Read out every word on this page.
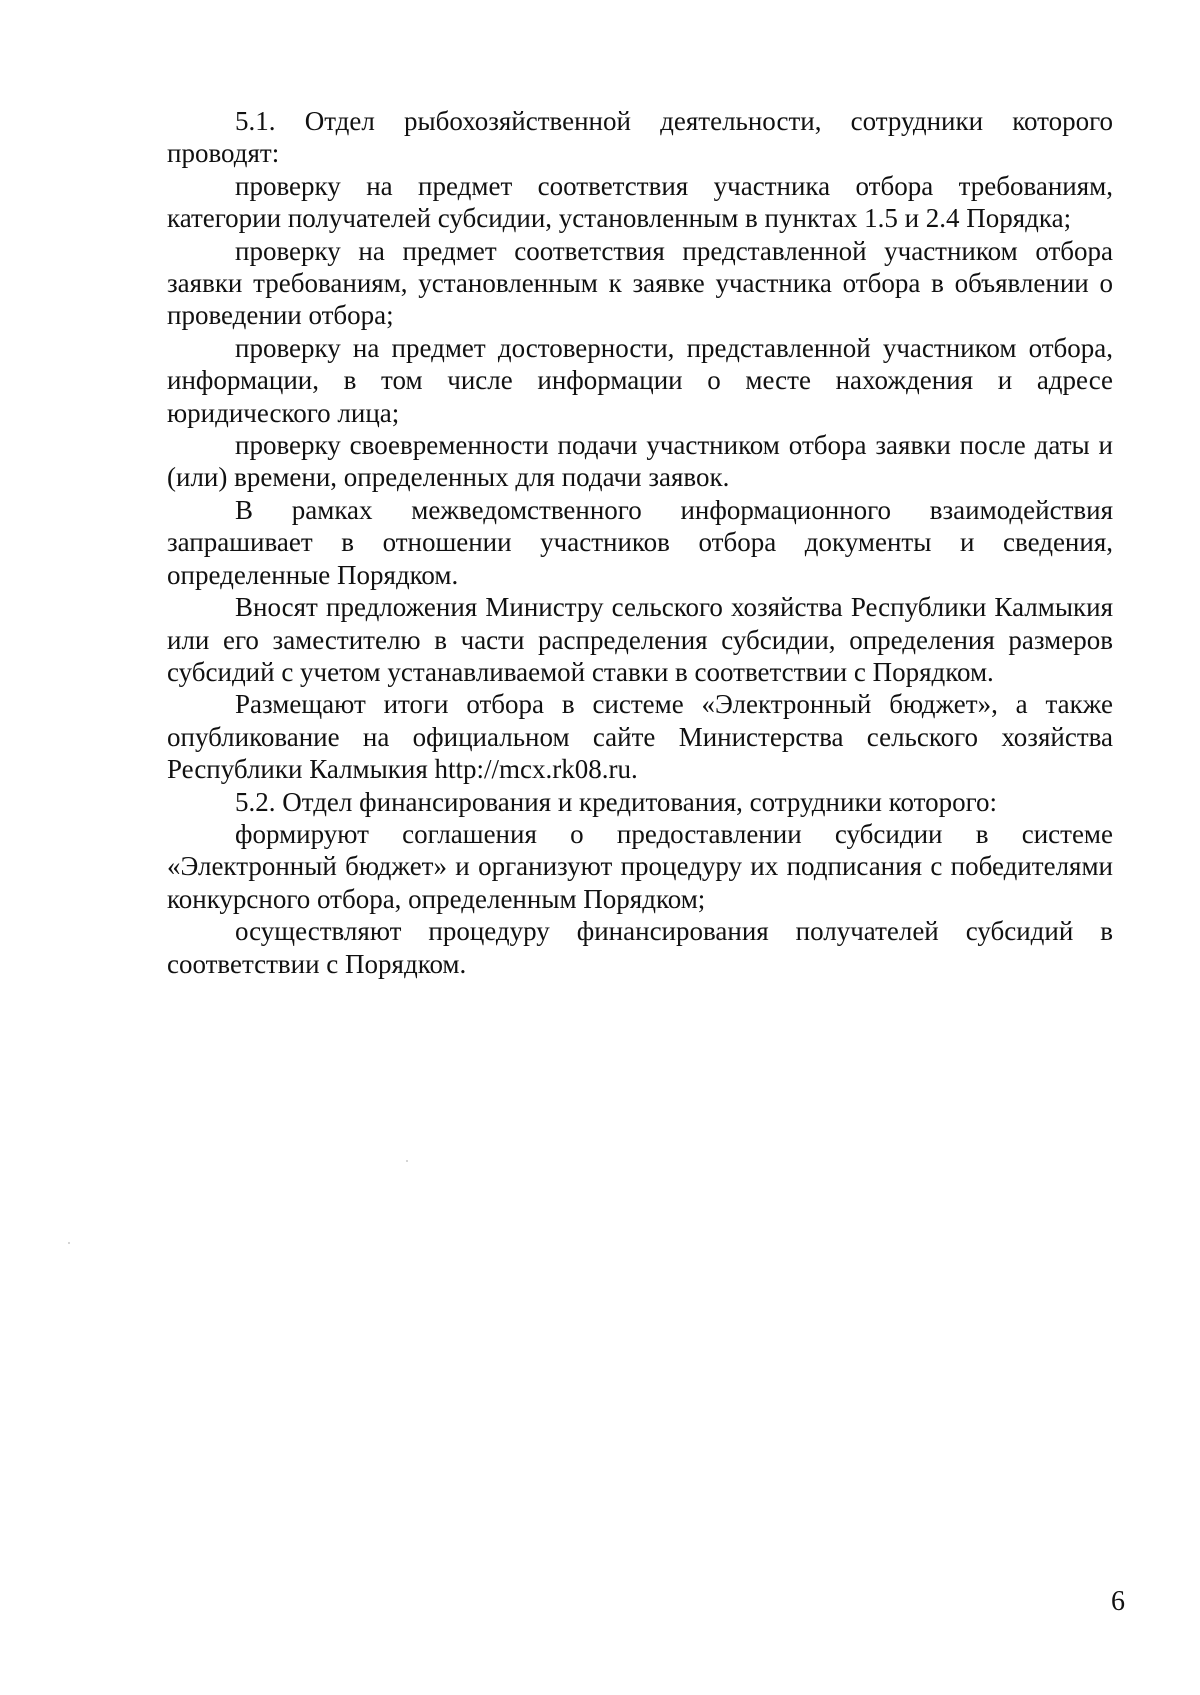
5.1. Отдел рыбохозяйственной деятельности, сотрудники которого проводят:

проверку на предмет соответствия участника отбора требованиям, категории получателей субсидии, установленным в пунктах 1.5 и 2.4 Порядка;

проверку на предмет соответствия представленной участником отбора заявки требованиям, установленным к заявке участника отбора в объявлении о проведении отбора;

проверку на предмет достоверности, представленной участником отбора, информации, в том числе информации о месте нахождения и адресе юридического лица;

проверку своевременности подачи участником отбора заявки после даты и (или) времени, определенных для подачи заявок.

В рамках межведомственного информационного взаимодействия запрашивает в отношении участников отбора документы и сведения, определенные Порядком.

Вносят предложения Министру сельского хозяйства Республики Калмыкия или его заместителю в части распределения субсидии, определения размеров субсидий с учетом устанавливаемой ставки в соответствии с Порядком.

Размещают итоги отбора в системе «Электронный бюджет», а также опубликование на официальном сайте Министерства сельского хозяйства Республики Калмыкия http://mcx.rk08.ru.

5.2. Отдел финансирования и кредитования, сотрудники которого:

формируют соглашения о предоставлении субсидии в системе «Электронный бюджет» и организуют процедуру их подписания с победителями конкурсного отбора, определенным Порядком;

осуществляют процедуру финансирования получателей субсидий в соответствии с Порядком.

6
